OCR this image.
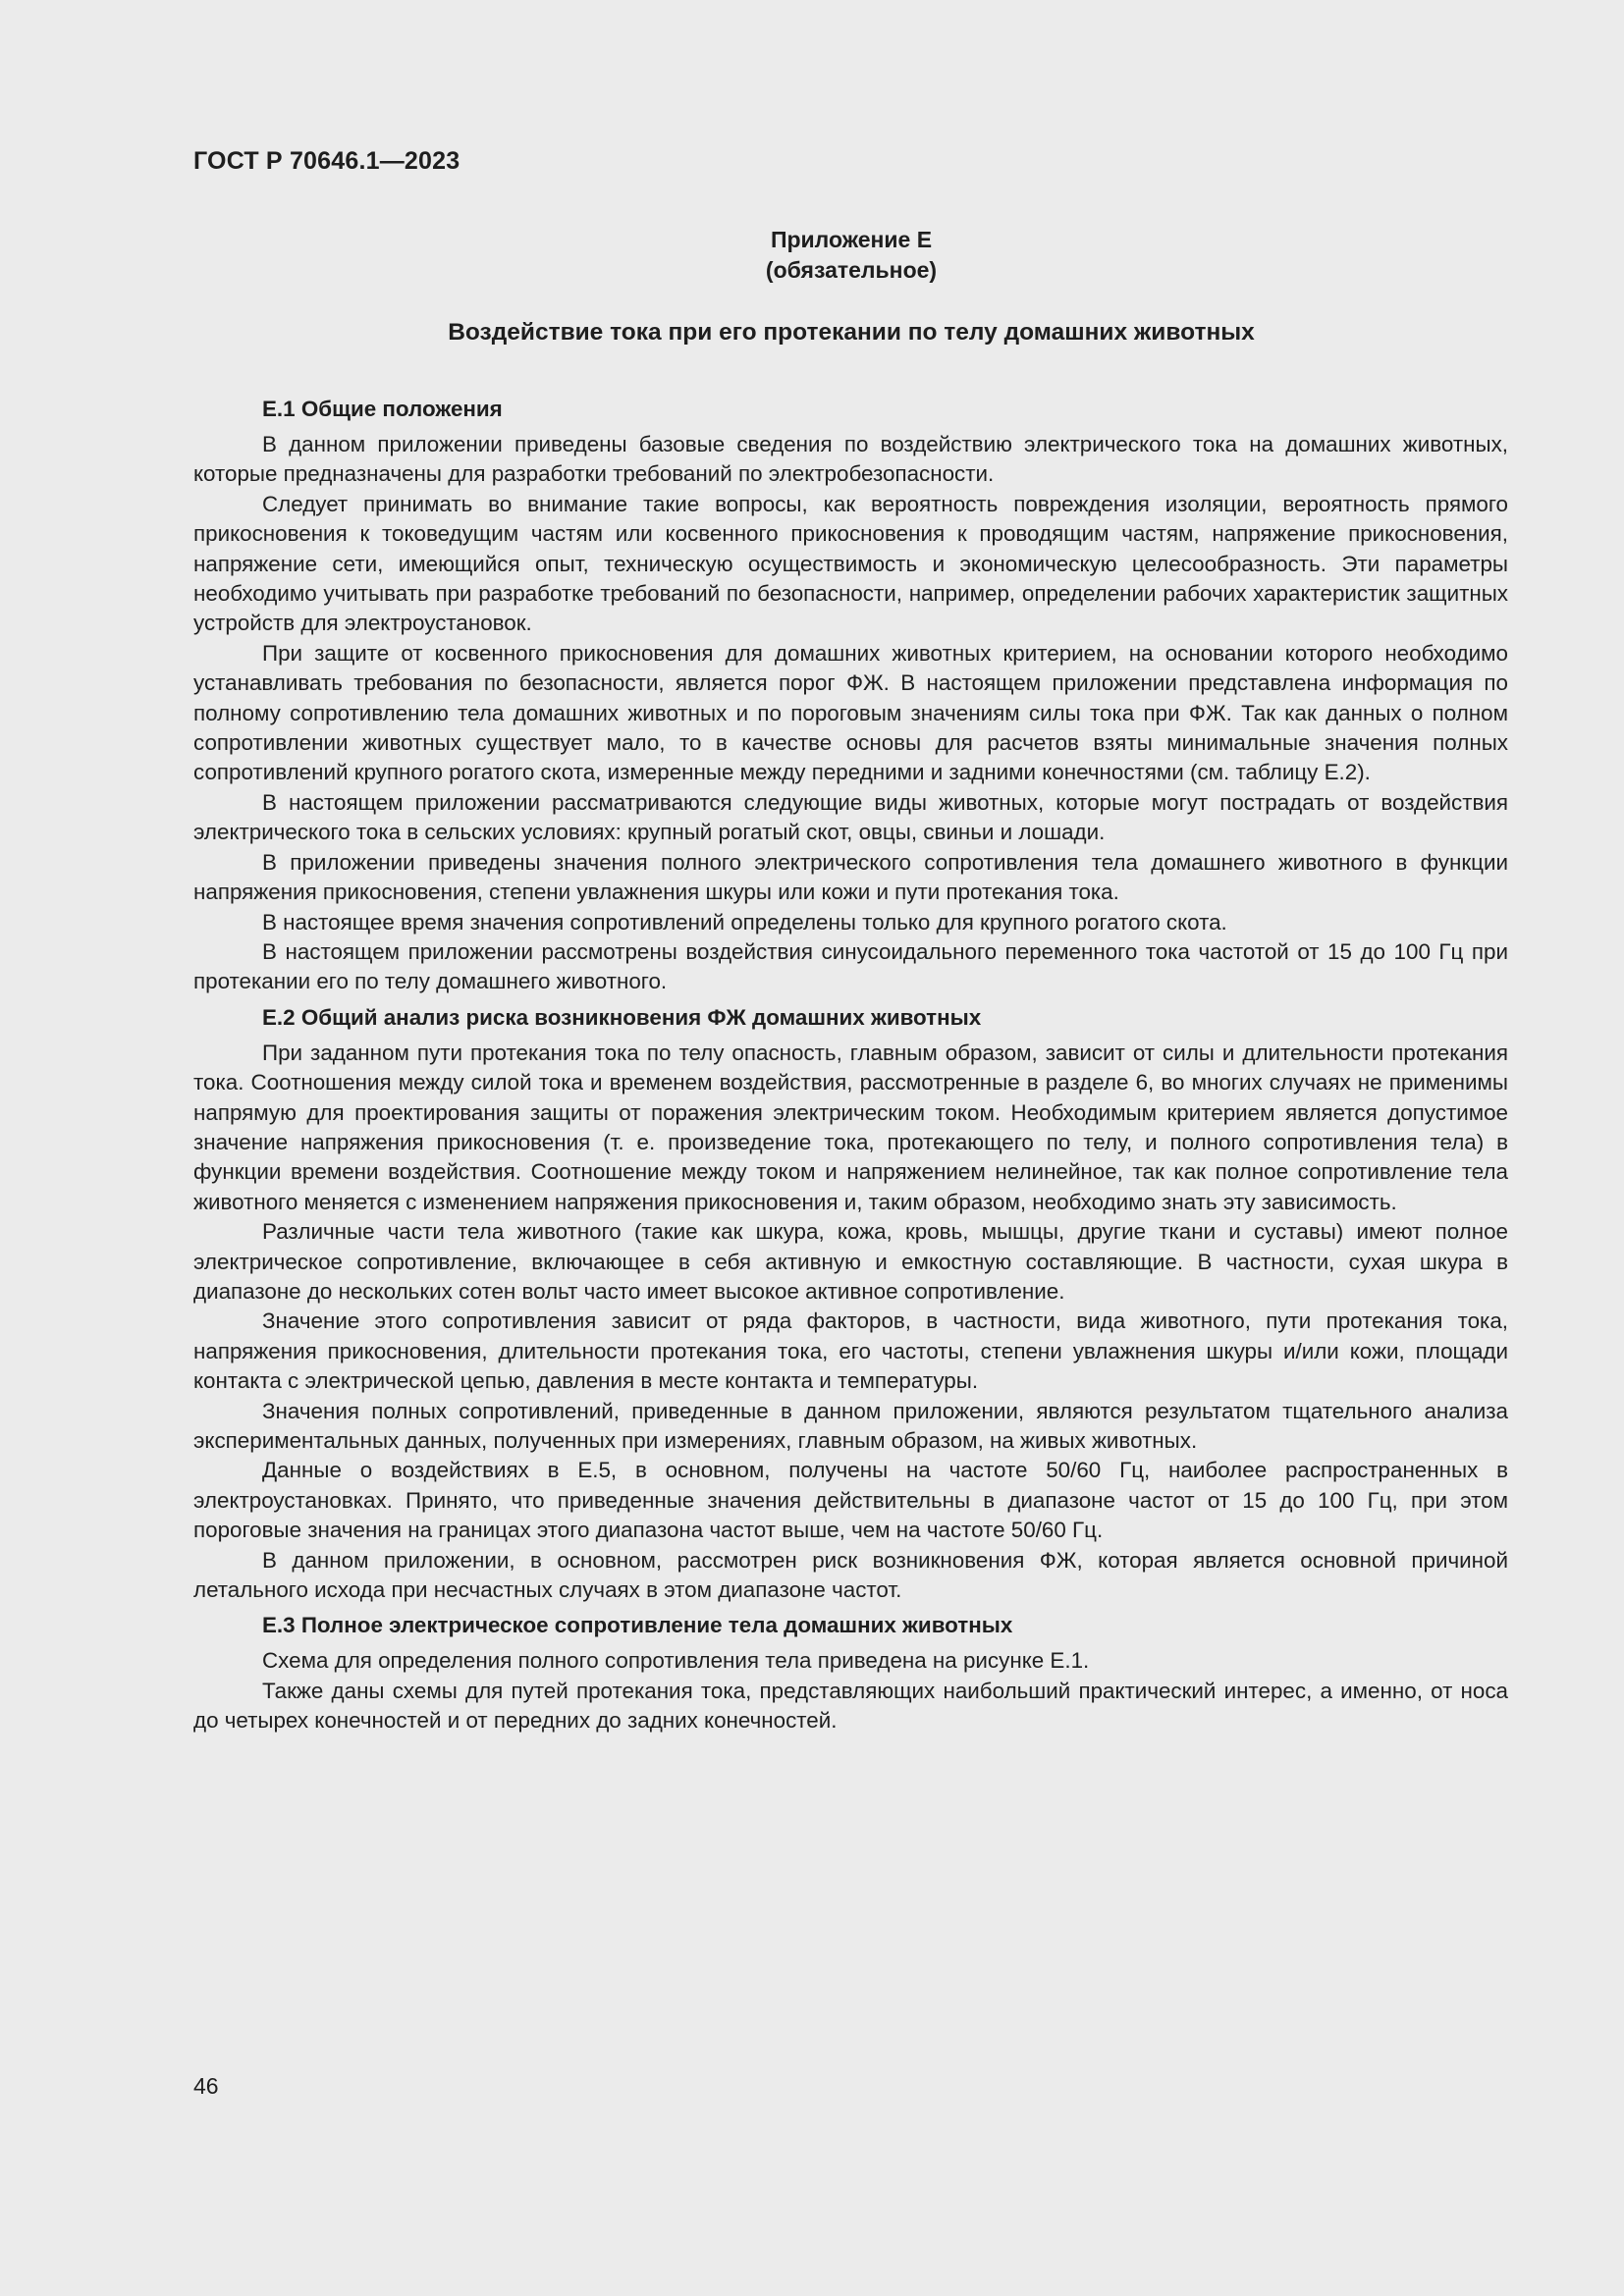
ГОСТ Р 70646.1—2023
Приложение Е
(обязательное)
Воздействие тока при его протекании по телу домашних животных

Е.1 Общие положения

В данном приложении приведены базовые сведения по воздействию электрического тока на домашних животных, которые предназначены для разработки требований по электробезопасности.

Следует принимать во внимание такие вопросы, как вероятность повреждения изоляции, вероятность прямого прикосновения к токоведущим частям или косвенного прикосновения к проводящим частям, напряжение прикосновения, напряжение сети, имеющийся опыт, техническую осуществимость и экономическую целесообразность. Эти параметры необходимо учитывать при разработке требований по безопасности, например, определении рабочих характеристик защитных устройств для электроустановок.

При защите от косвенного прикосновения для домашних животных критерием, на основании которого необходимо устанавливать требования по безопасности, является порог ФЖ. В настоящем приложении представлена информация по полному сопротивлению тела домашних животных и по пороговым значениям силы тока при ФЖ. Так как данных о полном сопротивлении животных существует мало, то в качестве основы для расчетов взяты минимальные значения полных сопротивлений крупного рогатого скота, измеренные между передними и задними конечностями (см. таблицу Е.2).

В настоящем приложении рассматриваются следующие виды животных, которые могут пострадать от воздействия электрического тока в сельских условиях: крупный рогатый скот, овцы, свиньи и лошади.

В приложении приведены значения полного электрического сопротивления тела домашнего животного в функции напряжения прикосновения, степени увлажнения шкуры или кожи и пути протекания тока.

В настоящее время значения сопротивлений определены только для крупного рогатого скота.

В настоящем приложении рассмотрены воздействия синусоидального переменного тока частотой от 15 до 100 Гц при протекании его по телу домашнего животного.

Е.2 Общий анализ риска возникновения ФЖ домашних животных

При заданном пути протекания тока по телу опасность, главным образом, зависит от силы и длительности протекания тока. Соотношения между силой тока и временем воздействия, рассмотренные в разделе 6, во многих случаях не применимы напрямую для проектирования защиты от поражения электрическим током. Необходимым критерием является допустимое значение напряжения прикосновения (т. е. произведение тока, протекающего по телу, и полного сопротивления тела) в функции времени воздействия. Соотношение между током и напряжением нелинейное, так как полное сопротивление тела животного меняется с изменением напряжения прикосновения и, таким образом, необходимо знать эту зависимость.

Различные части тела животного (такие как шкура, кожа, кровь, мышцы, другие ткани и суставы) имеют полное электрическое сопротивление, включающее в себя активную и емкостную составляющие. В частности, сухая шкура в диапазоне до нескольких сотен вольт часто имеет высокое активное сопротивление.

Значение этого сопротивления зависит от ряда факторов, в частности, вида животного, пути протекания тока, напряжения прикосновения, длительности протекания тока, его частоты, степени увлажнения шкуры и/или кожи, площади контакта с электрической цепью, давления в месте контакта и температуры.

Значения полных сопротивлений, приведенные в данном приложении, являются результатом тщательного анализа экспериментальных данных, полученных при измерениях, главным образом, на живых животных.

Данные о воздействиях в Е.5, в основном, получены на частоте 50/60 Гц, наиболее распространенных в электроустановках. Принято, что приведенные значения действительны в диапазоне частот от 15 до 100 Гц, при этом пороговые значения на границах этого диапазона частот выше, чем на частоте 50/60 Гц.

В данном приложении, в основном, рассмотрен риск возникновения ФЖ, которая является основной причиной летального исхода при несчастных случаях в этом диапазоне частот.

Е.3 Полное электрическое сопротивление тела домашних животных

Схема для определения полного сопротивления тела приведена на рисунке Е.1.

Также даны схемы для путей протекания тока, представляющих наибольший практический интерес, а именно, от носа до четырех конечностей и от передних до задних конечностей.

46
